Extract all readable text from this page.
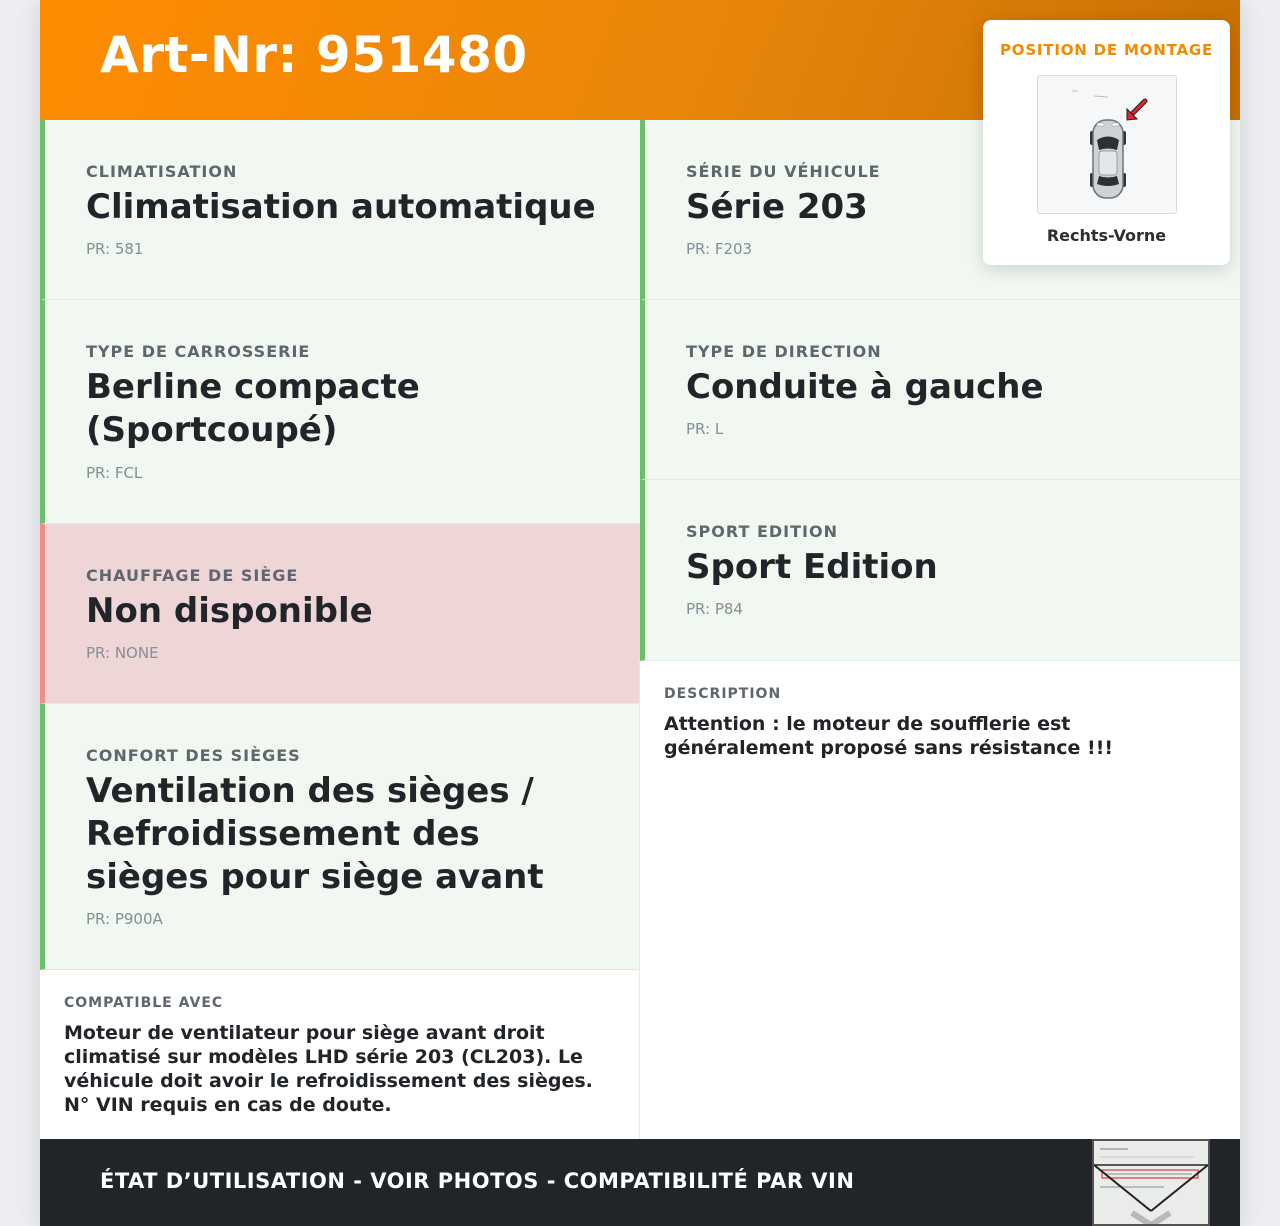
Art-Nr: 951480
CLIMATISATION
Climatisation automatique
PR: 581
TYPE DE CARROSSERIE
Berline compacte (Sportcoupé)
PR: FCL
CHAUFFAGE DE SIÈGE
Non disponible
PR: NONE
CONFORT DES SIÈGES
Ventilation des sièges / Refroidissement des sièges pour siège avant
PR: P900A
COMPATIBLE AVEC
Moteur de ventilateur pour siège avant droit climatisé sur modèles LHD série 203 (CL203). Le véhicule doit avoir le refroidissement des sièges. N° VIN requis en cas de doute.
SÉRIE DU VÉHICULE
Série 203
PR: F203
TYPE DE DIRECTION
Conduite à gauche
PR: L
SPORT EDITION
Sport Edition
PR: P84
DESCRIPTION
Attention : le moteur de soufflerie est généralement proposé sans résistance !!!
POSITION DE MONTAGE
Rechts-Vorne
ÉTAT D’UTILISATION - VOIR PHOTOS - COMPATIBILITÉ PAR VIN
